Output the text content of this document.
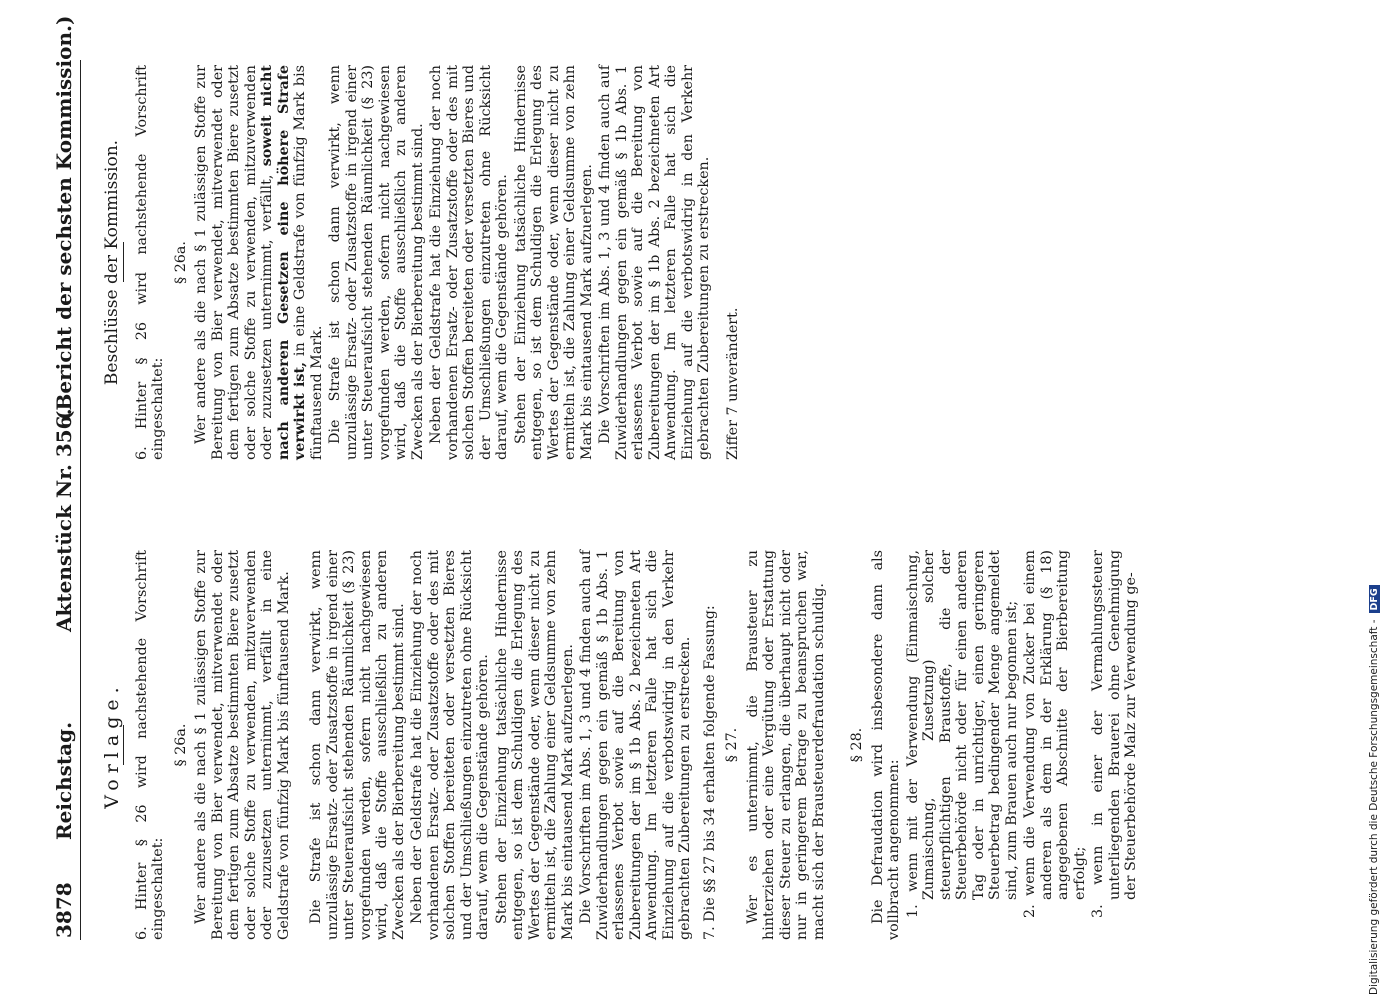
3878
Reichstag.
Aktenstück Nr. 356.
(Bericht der sechsten Kommission.)
Vorlage. 6. Hinter § 26 wird nachstehende Vorschrift eingeschaltet:

§ 26a. Wer andere als die nach § 1 zulässigen Stoffe zur Bereitung von Bier verwendet, mitverwendet oder dem fertigen zum Absatze bestimmten Biere zusetzt oder solche Stoffe zu verwenden, mitzuverwenden oder zuzusetzen unternimmt, verfällt in eine Geldstrafe von fünfzig Mark bis fünftausend Mark. Die Strafe ist schon dann verwirkt, wenn unzulässige Ersatz- oder Zusatzstoffe in irgend einer unter Steueraufsicht stehenden Räumlichkeit (§ 23) vorgefunden werden, sofern nicht nachgewiesen wird, daß die Stoffe ausschließlich zu anderen Zwecken als der Bierbereitung bestimmt sind. Neben der Geldstrafe hat die Einziehung der noch vorhandenen Ersatz- oder Zusatzstoffe oder des mit solchen Stoffen bereiteten oder versetzten Bieres und der Umschließungen einzutreten ohne Rücksicht darauf, wem die Gegenstände gehören. Stehen der Einziehung tatsächliche Hindernisse entgegen, so ist dem Schuldigen die Erlegung des Wertes der Gegenstände oder, wenn dieser nicht zu ermitteln ist, die Zahlung einer Geldsumme von zehn Mark bis eintausend Mark aufzuerlegen. Die Vorschriften im Abs. 1, 3 und 4 finden auch auf Zuwiderhandlungen gegen ein gemäß § 1b Abs. 1 erlassenes Verbot sowie auf die Bereitung von Zubereitungen der im § 1b Abs. 2 bezeichneten Art Anwendung. Im letzteren Falle hat sich die Einziehung auf die verbotswidrig in den Verkehr gebrachten Zubereitungen zu erstrecken. 7. Die §§ 27 bis 34 erhalten folgende Fassung: § 27. Wer es unternimmt, die Brausteuer zu hinterziehen oder eine Vergütung oder Erstattung dieser Steuer zu erlangen, die überhaupt nicht oder nur in geringerem Betrage zu beanspruchen war, macht sich der Brausteuerdefraudation schuldig. § 28. Die Defraudation wird insbesondere dann als vollbracht angenommen: 1. wenn mit der Verwendung (Einmaischung, Zumaischung, Zusetzung) solcher steuerpflichtigen Braustoffe, die der Steuerbehörde nicht oder für einen anderen Tag oder in unrichtiger, einen geringeren Steuerbetrag bedingender Menge angemeldet sind, zum Brauen auch nur begonnen ist; 2. wenn die Verwendung von Zucker bei einem anderen als dem in der Erklärung (§ 18) angegebenen Abschnitte der Bierbereitung erfolgt; 3. wenn in einer der Vermahlungssteuer unterliegenden Brauerei ohne Genehmigung der Steuerbehörde Malz zur Verwendung ge-

Beschlüsse der Kommission. 6. Hinter § 26 wird nachstehende Vorschrift eingeschaltet:

§ 26a. Wer andere als die nach § 1 zulässigen Stoffe zur Bereitung von Bier verwendet, mitverwendet oder dem fertigen zum Absatze bestimmten Biere zusetzt oder solche Stoffe zu verwenden, mitzuverwenden oder zuzusetzen unternimmt, verfällt, soweit nicht nach anderen Gesetzen eine höhere Strafe verwirkt ist, in eine Geldstrafe von fünfzig Mark bis fünftausend Mark. Die Strafe ist schon dann verwirkt, wenn unzulässige Ersatz- oder Zusatzstoffe in irgend einer unter Steueraufsicht stehenden Räumlichkeit (§ 23) vorgefunden werden, sofern nicht nachgewiesen wird, daß die Stoffe ausschließlich zu anderen Zwecken als der Bierbereitung bestimmt sind. Neben der Geldstrafe hat die Einziehung der noch vorhandenen Ersatz- oder Zusatzstoffe oder des mit solchen Stoffen bereiteten oder versetzten Bieres und der Umschließungen einzutreten ohne Rücksicht darauf, wem die Gegenstände gehören. Stehen der Einziehung tatsächliche Hindernisse entgegen, so ist dem Schuldigen die Erlegung des Wertes der Gegenstände oder, wenn dieser nicht zu ermitteln ist, die Zahlung einer Geldsumme von zehn Mark bis eintausend Mark aufzuerlegen. Die Vorschriften im Abs. 1, 3 und 4 finden auch auf Zuwiderhandlungen gegen ein gemäß § 1b Abs. 1 erlassenes Verbot sowie auf die Bereitung von Zubereitungen der im § 1b Abs. 2 bezeichneten Art Anwendung. Im letzteren Falle hat sich die Einziehung auf die verbotswidrig in den Verkehr gebrachten Zubereitungen zu erstrecken. Ziffer 7 unverändert.

Digitalisierung gefördert durch die Deutsche Forschungsgemeinschaft -DFG
